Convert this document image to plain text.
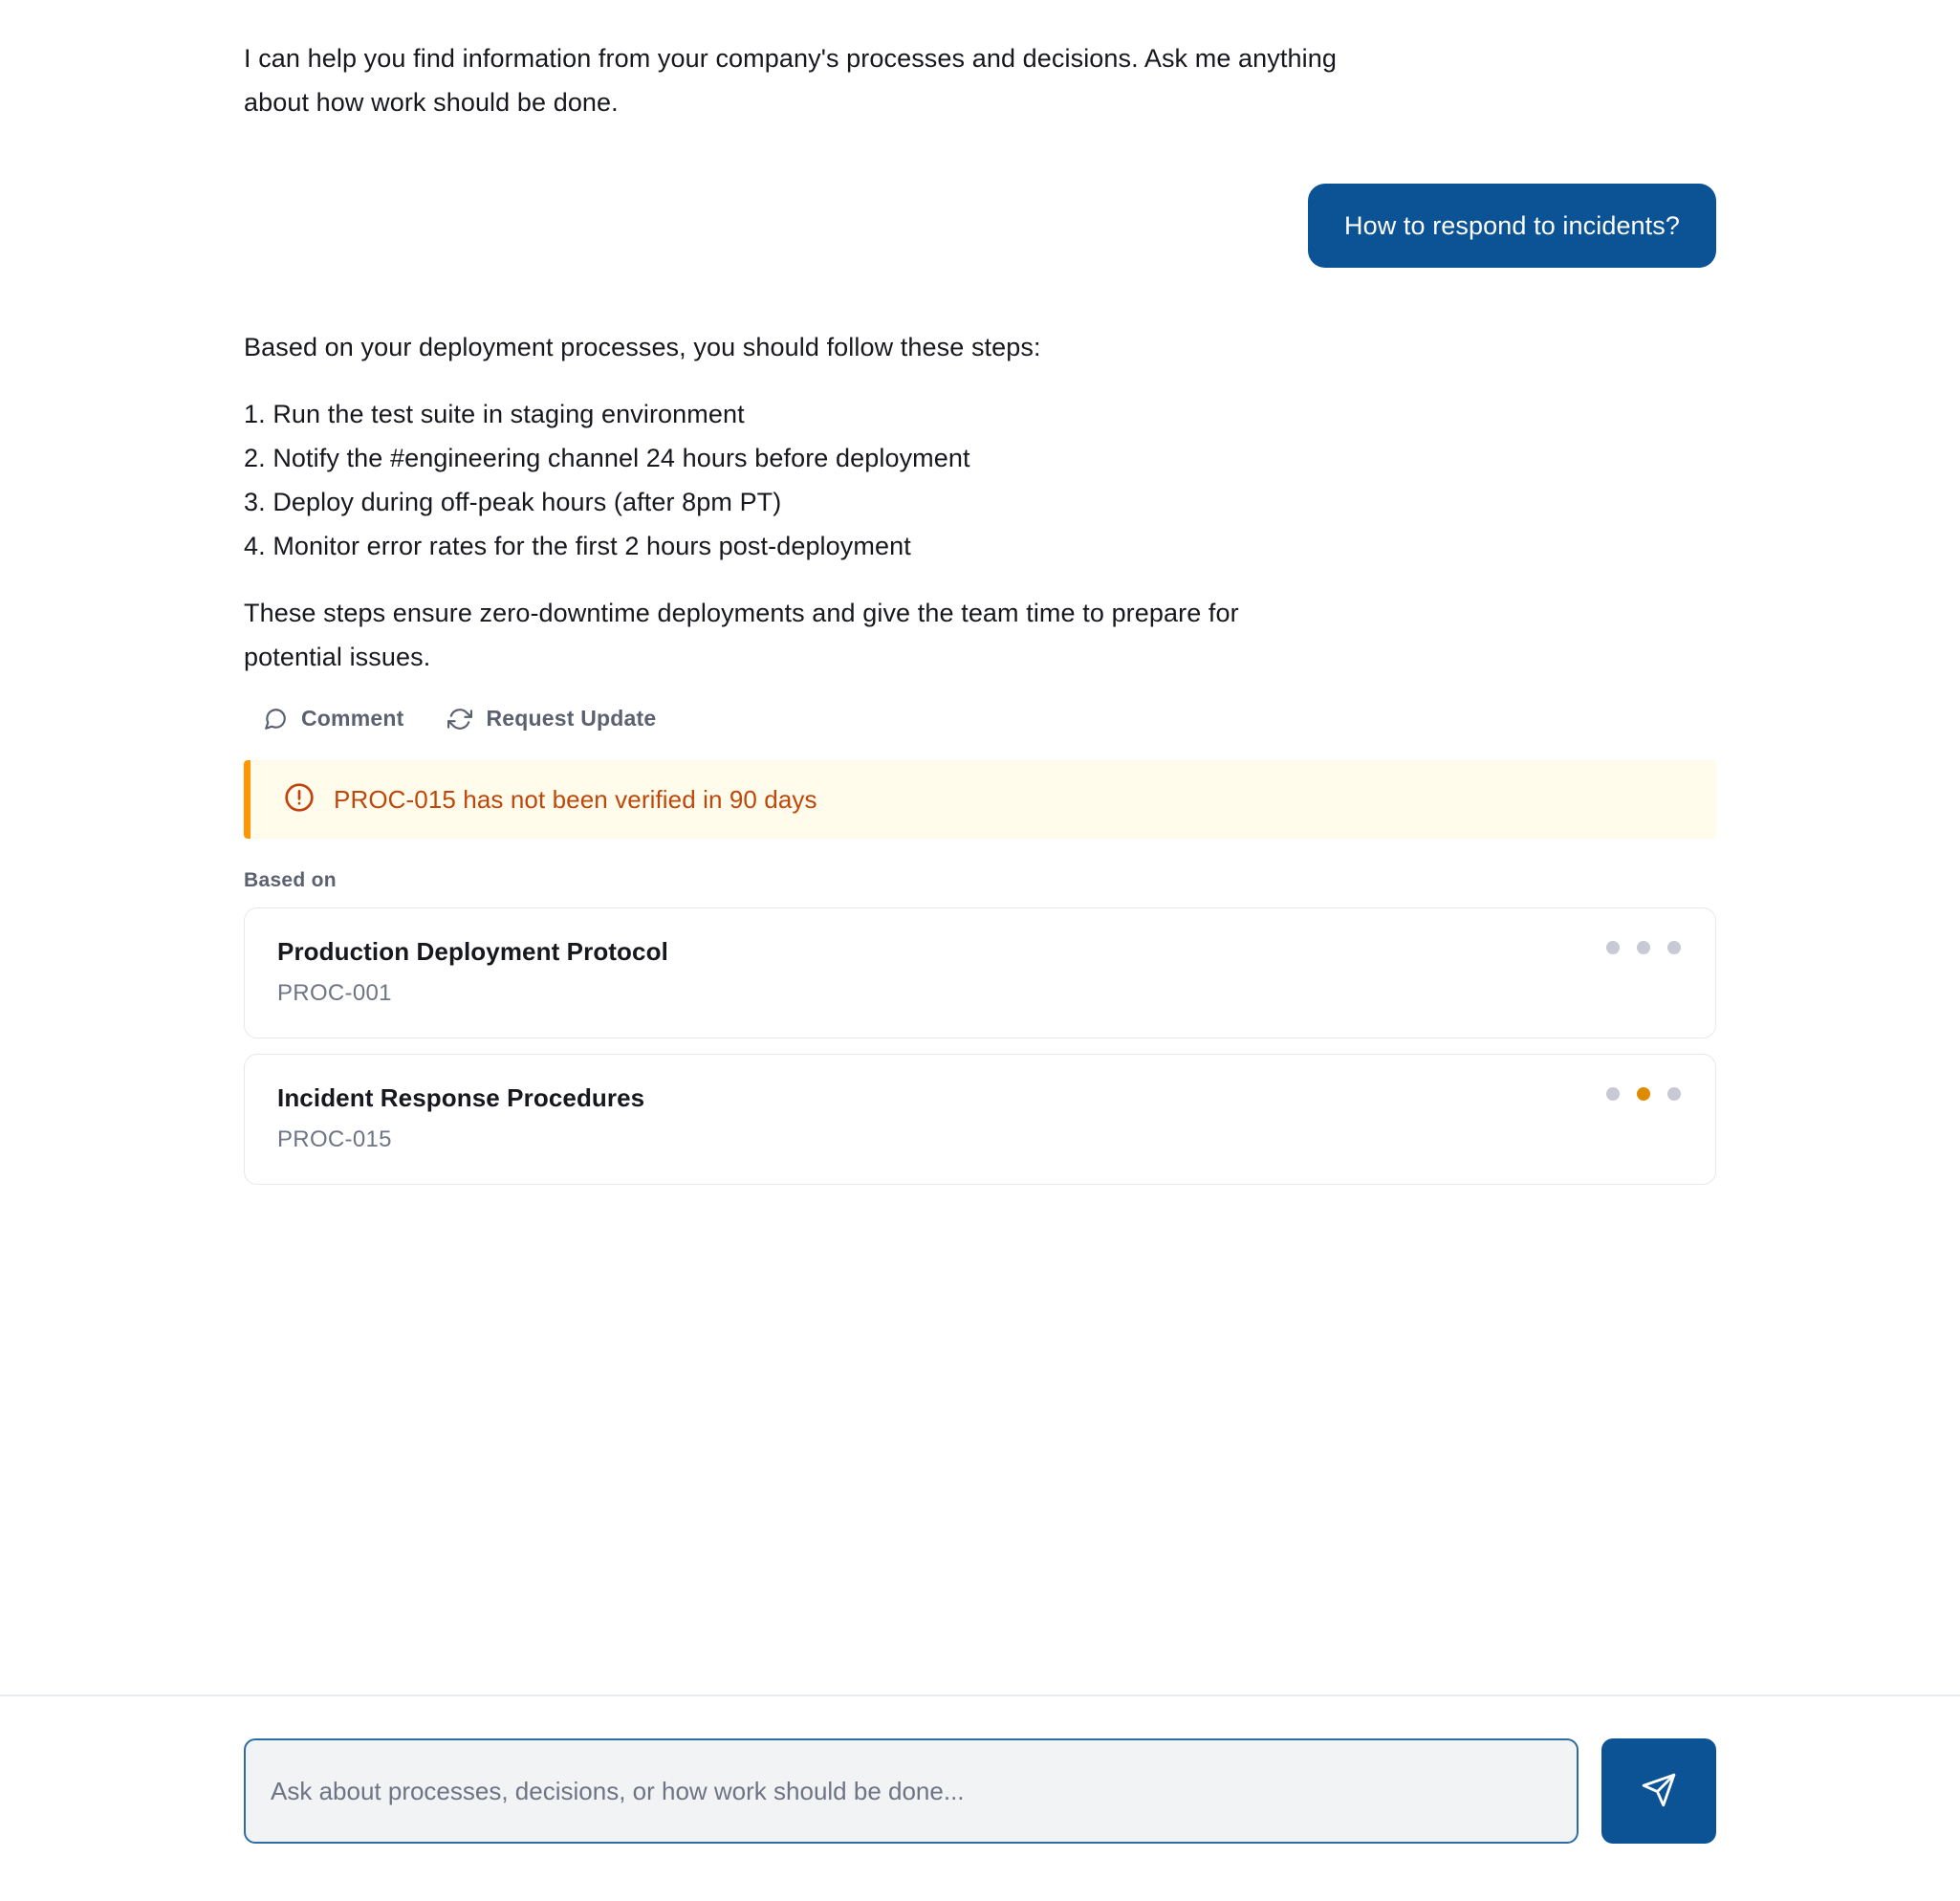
I can help you find information from your company's processes and decisions. Ask me anything
about how work should be done.
How to respond to incidents?
Based on your deployment processes, you should follow these steps:
1. Run the test suite in staging environment
2. Notify the #engineering channel 24 hours before deployment
3. Deploy during off-peak hours (after 8pm PT)
4. Monitor error rates for the first 2 hours post-deployment
These steps ensure zero-downtime deployments and give the team time to prepare for
potential issues.
Comment	Request Update
PROC-015 has not been verified in 90 days
Based on
Production Deployment Protocol
PROC-001
Incident Response Procedures
PROC-015
Ask about processes, decisions, or how work should be done...
